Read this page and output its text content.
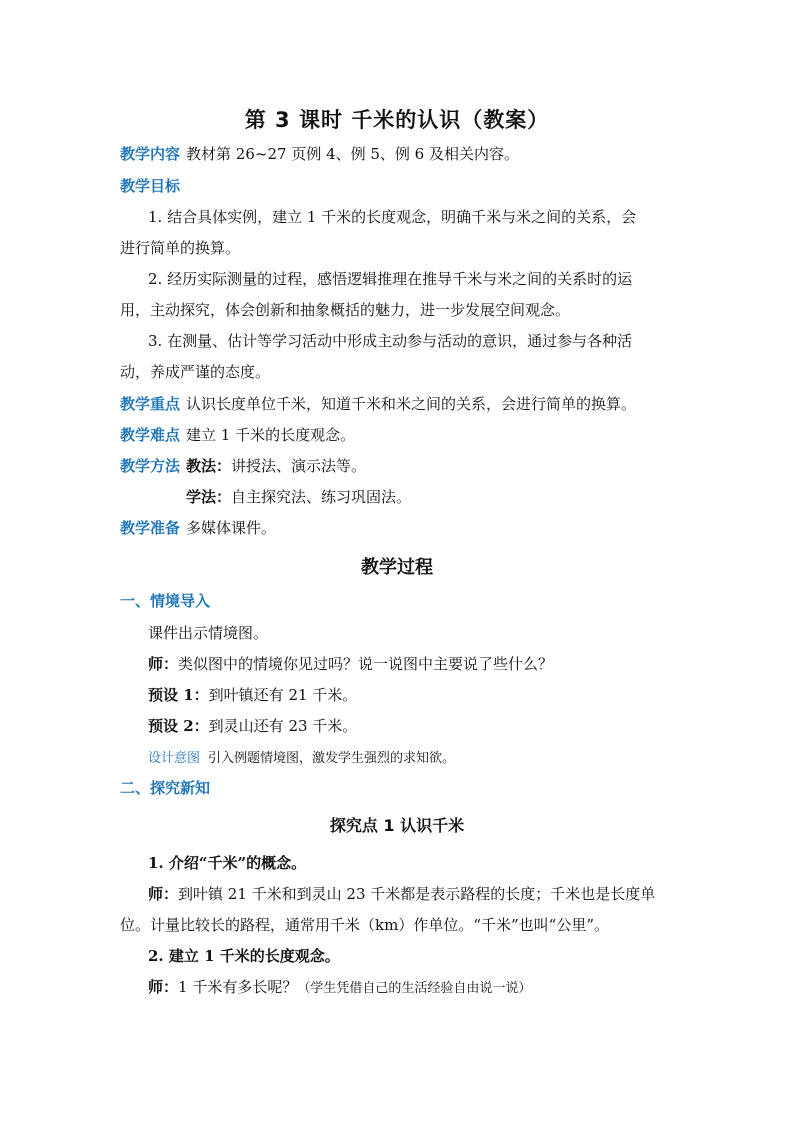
第 3 课时 千米的认识（教案）
教学内容 教材第 26~27 页例 4、例 5、例 6 及相关内容。
教学目标
1. 结合具体实例，建立 1 千米的长度观念，明确千米与米之间的关系，会
进行简单的换算。
2. 经历实际测量的过程，感悟逻辑推理在推导千米与米之间的关系时的运
用，主动探究，体会创新和抽象概括的魅力，进一步发展空间观念。
3. 在测量、估计等学习活动中形成主动参与活动的意识，通过参与各种活
动，养成严谨的态度。
教学重点 认识长度单位千米，知道千米和米之间的关系，会进行简单的换算。
教学难点 建立 1 千米的长度观念。
教学方法 教法：讲授法、演示法等。
学法：自主探究法、练习巩固法。
教学准备 多媒体课件。
教学过程
一、情境导入
课件出示情境图。
师：类似图中的情境你见过吗？说一说图中主要说了些什么？
预设 1：到叶镇还有 21 千米。
预设 2：到灵山还有 23 千米。
设计意图 引入例题情境图，激发学生强烈的求知欲。
二、探究新知
探究点 1 认识千米
1. 介绍“千米”的概念。
师：到叶镇 21 千米和到灵山 23 千米都是表示路程的长度；千米也是长度单
位。计量比较长的路程，通常用千米（km）作单位。“千米”也叫“公里”。
2. 建立 1 千米的长度观念。
师：1 千米有多长呢？（学生凭借自己的生活经验自由说一说）
